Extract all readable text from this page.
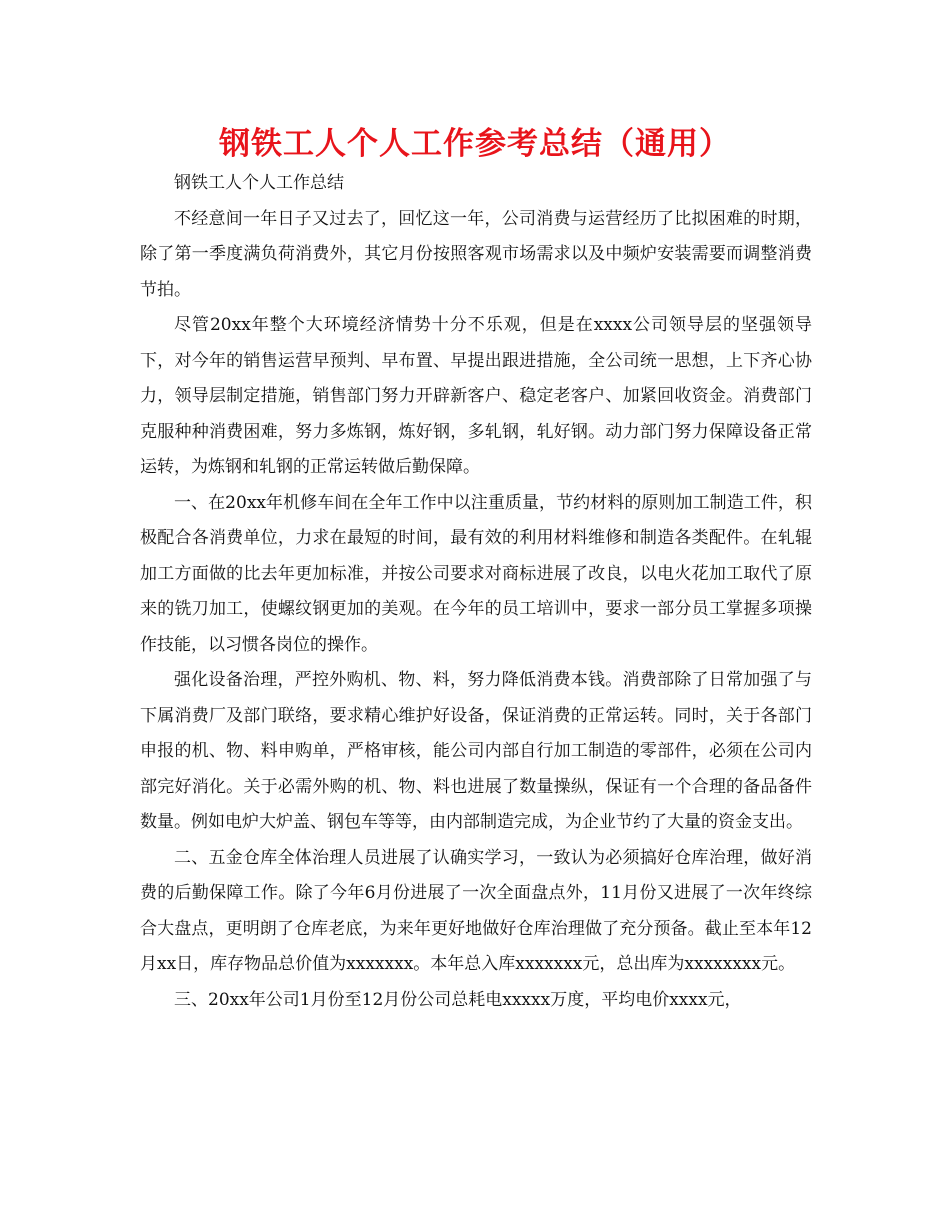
钢铁工人个人工作参考总结（通用）

钢铁工人个人工作总结

不经意间一年日子又过去了，回忆这一年，公司消费与运营经历了比拟困难的时期，除了第一季度满负荷消费外，其它月份按照客观市场需求以及中频炉安装需要而调整消费节拍。

尽管20xx年整个大环境经济情势十分不乐观，但是在xxxx公司领导层的坚强领导下，对今年的销售运营早预判、早布置、早提出跟进措施，全公司统一思想，上下齐心协力，领导层制定措施，销售部门努力开辟新客户、稳定老客户、加紧回收资金。消费部门克服种种消费困难，努力多炼钢，炼好钢，多轧钢，轧好钢。动力部门努力保障设备正常运转，为炼钢和轧钢的正常运转做后勤保障。

一、在20xx年机修车间在全年工作中以注重质量，节约材料的原则加工制造工件，积极配合各消费单位，力求在最短的时间，最有效的利用材料维修和制造各类配件。在轧辊加工方面做的比去年更加标准，并按公司要求对商标进展了改良，以电火花加工取代了原来的铣刀加工，使螺纹钢更加的美观。在今年的员工培训中，要求一部分员工掌握多项操作技能，以习惯各岗位的操作。

强化设备治理，严控外购机、物、料，努力降低消费本钱。消费部除了日常加强了与下属消费厂及部门联络，要求精心维护好设备，保证消费的正常运转。同时，关于各部门申报的机、物、料申购单，严格审核，能公司内部自行加工制造的零部件，必须在公司内部完好消化。关于必需外购的机、物、料也进展了数量操纵，保证有一个合理的备品备件数量。例如电炉大炉盖、钢包车等等，由内部制造完成，为企业节约了大量的资金支出。

二、五金仓库全体治理人员进展了认确实学习，一致认为必须搞好仓库治理，做好消费的后勤保障工作。除了今年6月份进展了一次全面盘点外，11月份又进展了一次年终综合大盘点，更明朗了仓库老底，为来年更好地做好仓库治理做了充分预备。截止至本年12月xx日，库存物品总价值为xxxxxxx。本年总入库xxxxxxx元，总出库为xxxxxxxx元。

三、20xx年公司1月份至12月份公司总耗电xxxxx万度，平均电价xxxx元，
